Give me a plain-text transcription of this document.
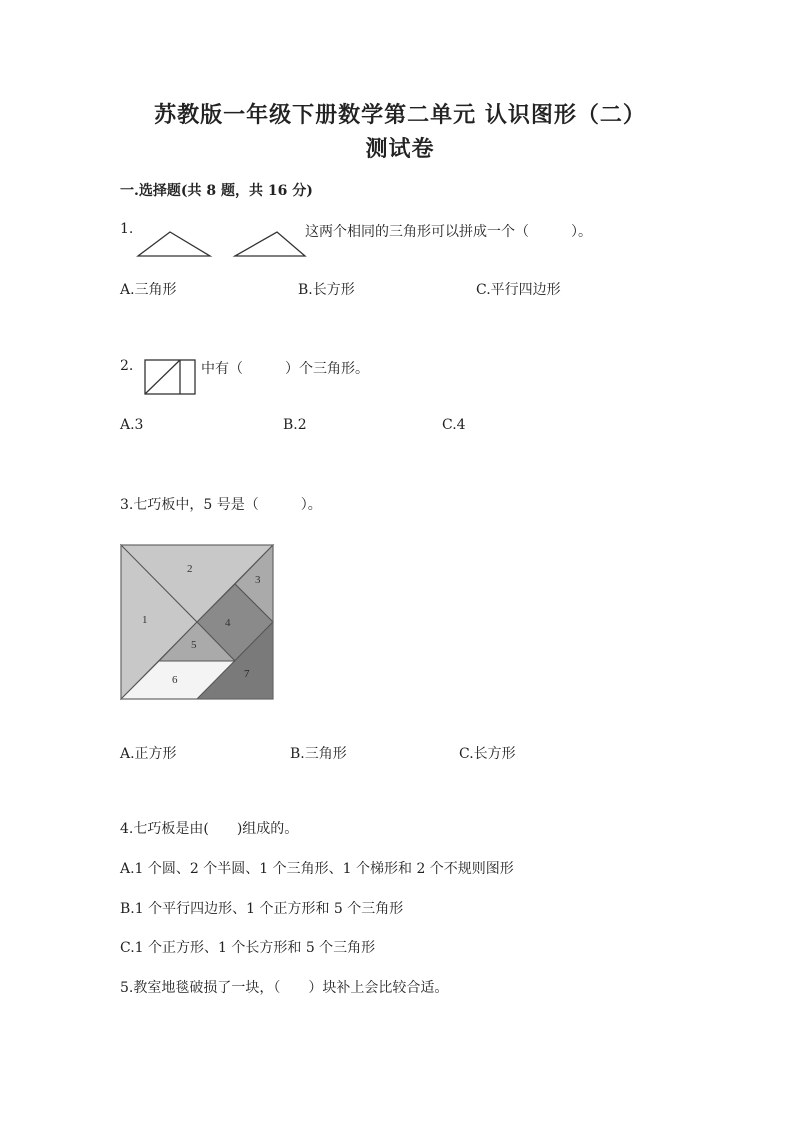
苏教版一年级下册数学第二单元 认识图形（二）
测试卷
一.选择题(共 8 题，共 16 分)
1.	这两个相同的三角形可以拼成一个（　　　）。
A.三角形	B.长方形	C.平行四边形
2.	中有（　　　）个三角形。
A.3	B.2	C.4
3.七巧板中，5 号是（　　　）。
1
2
3
4
5
6	7
A.正方形	B.三角形	C.长方形
4.七巧板是由(　　)组成的。
A.1 个圆、2 个半圆、1 个三角形、1 个梯形和 2 个不规则图形
B.1 个平行四边形、1 个正方形和 5 个三角形
C.1 个正方形、1 个长方形和 5 个三角形
5.教室地毯破损了一块，（　　）块补上会比较合适。
